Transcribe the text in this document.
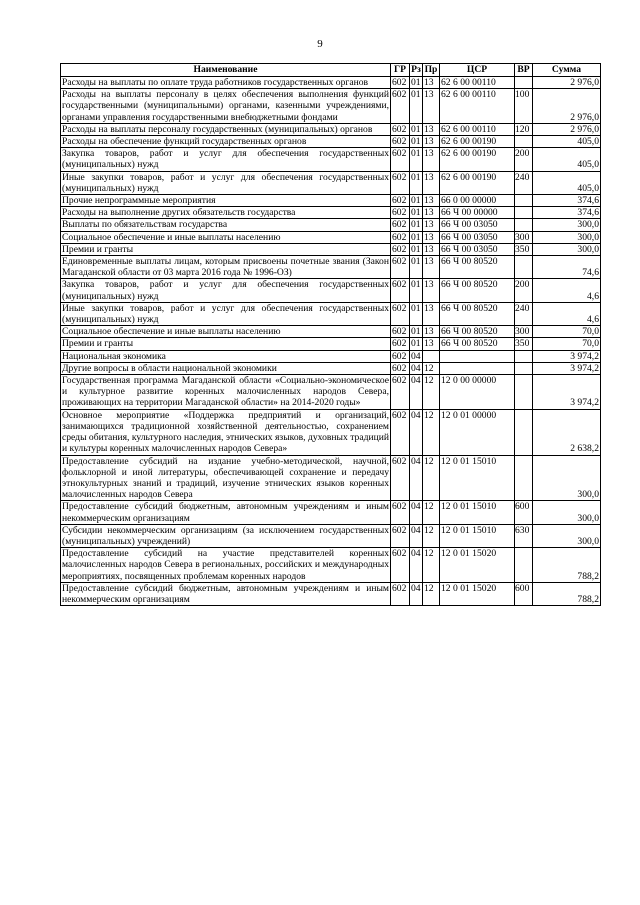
9
Наименование	ГР	Рз	Пр	ЦСР	ВР	Сумма
Расходы на выплаты по оплате труда работников государственных органов	602	01	13	62 6 00 00110		2 976,0
Расходы на выплаты персоналу в целях обеспечения выполнения функций государственными (муниципальными) органами, казенными учреждениями, органами управления государственными внебюджетными фондами	602	01	13	62 6 00 00110	100	2 976,0
Расходы на выплаты персоналу государственных (муниципальных) органов	602	01	13	62 6 00 00110	120	2 976,0
Расходы на обеспечение функций государственных органов	602	01	13	62 6 00 00190		405,0
Закупка товаров, работ и услуг для обеспечения государственных (муниципальных) нужд	602	01	13	62 6 00 00190	200	405,0
Иные закупки товаров, работ и услуг для обеспечения государственных (муниципальных) нужд	602	01	13	62 6 00 00190	240	405,0
Прочие непрограммные мероприятия	602	01	13	66 0 00 00000		374,6
Расходы на выполнение других обязательств государства	602	01	13	66 Ч 00 00000		374,6
Выплаты по обязательствам государства	602	01	13	66 Ч 00 03050		300,0
Социальное обеспечение и иные выплаты населению	602	01	13	66 Ч 00 03050	300	300,0
Премии и гранты	602	01	13	66 Ч 00 03050	350	300,0
Единовременные выплаты лицам, которым присвоены почетные звания (Закон Магаданской области от 03 марта 2016 года № 1996-ОЗ)	602	01	13	66 Ч 00 80520		74,6
Закупка товаров, работ и услуг для обеспечения государственных (муниципальных) нужд	602	01	13	66 Ч 00 80520	200	4,6
Иные закупки товаров, работ и услуг для обеспечения государственных (муниципальных) нужд	602	01	13	66 Ч 00 80520	240	4,6
Социальное обеспечение и иные выплаты населению	602	01	13	66 Ч 00 80520	300	70,0
Премии и гранты	602	01	13	66 Ч 00 80520	350	70,0
Национальная экономика	602	04				3 974,2
Другие вопросы в области национальной экономики	602	04	12			3 974,2
Государственная программа Магаданской области «Социально-экономическое и культурное развитие коренных малочисленных народов Севера, проживающих на территории Магаданской области» на 2014-2020 годы»	602	04	12	12 0 00 00000		3 974,2
Основное мероприятие «Поддержка предприятий и организаций, занимающихся традиционной хозяйственной деятельностью, сохранением среды обитания, культурного наследия, этнических языков, духовных традиций и культуры коренных малочисленных народов Севера»	602	04	12	12 0 01 00000		2 638,2
Предоставление субсидий на издание учебно-методической, научной, фольклорной и иной литературы, обеспечивающей сохранение и передачу этнокультурных знаний и традиций, изучение этнических языков коренных малочисленных народов Севера	602	04	12	12 0 01 15010		300,0
Предоставление субсидий бюджетным, автономным учреждениям и иным некоммерческим организациям	602	04	12	12 0 01 15010	600	300,0
Субсидии некоммерческим организациям (за исключением государственных (муниципальных) учреждений)	602	04	12	12 0 01 15010	630	300,0
Предоставление субсидий на участие представителей коренных малочисленных народов Севера в региональных, российских и международных мероприятиях, посвященных проблемам коренных народов	602	04	12	12 0 01 15020		788,2
Предоставление субсидий бюджетным, автономным учреждениям и иным некоммерческим организациям	602	04	12	12 0 01 15020	600	788,2
